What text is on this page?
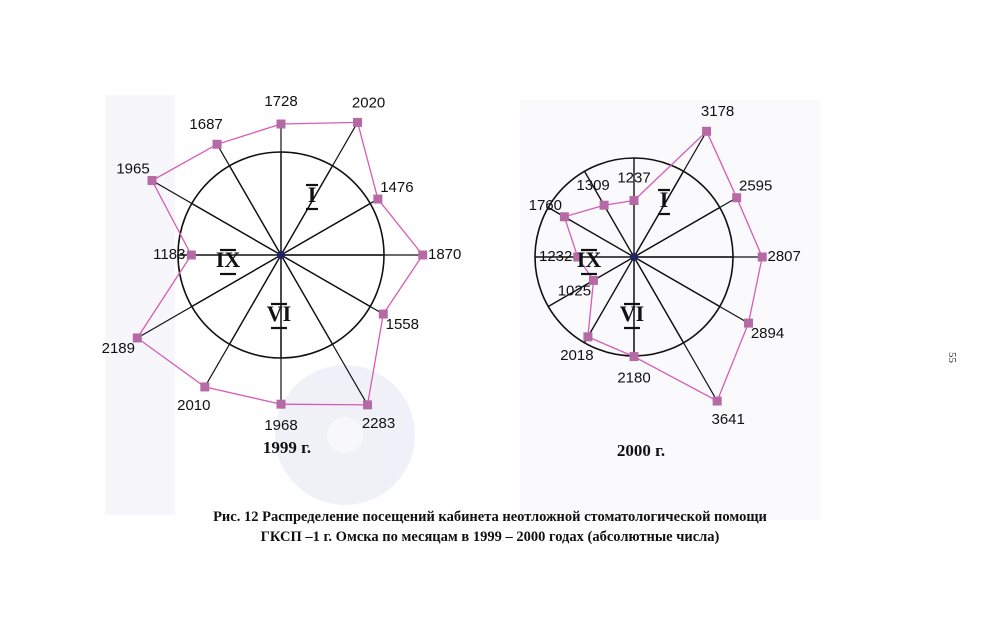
2020
1476
1870
1558
2283
1968
2010
2189
1183
1965
1687
1728
I
VI
IX
1999 г.
3178
2595
2807
2894
3641
2180
2018
1025
1232
1760
1309 1237
I
VI
IX
2000 г.
55
Рис. 12 Распределение посещений кабинета неотложной стоматологической помощи
ГКСП –1 г. Омска по месяцам в 1999 – 2000 годах (абсолютные числа)
